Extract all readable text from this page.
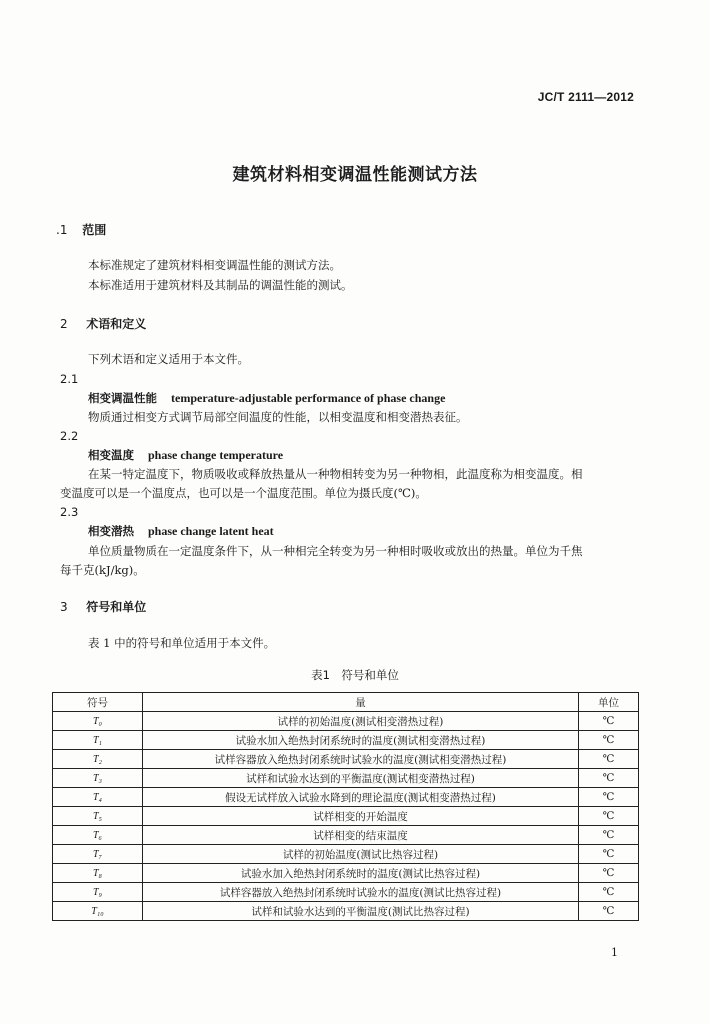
JC/T 2111—2012
建筑材料相变调温性能测试方法
.1 范围
本标准规定了建筑材料相变调温性能的测试方法。
本标准适用于建筑材料及其制品的调温性能的测试。
2 术语和定义
下列术语和定义适用于本文件。
2.1
相变调温性能 temperature-adjustable performance of phase change
物质通过相变方式调节局部空间温度的性能，以相变温度和相变潜热表征。
2.2
相变温度 phase change temperature
在某一特定温度下，物质吸收或释放热量从一种物相转变为另一种物相，此温度称为相变温度。相
变温度可以是一个温度点，也可以是一个温度范围。单位为摄氏度(℃)。
2.3
相变潜热 phase change latent heat
单位质量物质在一定温度条件下，从一种相完全转变为另一种相时吸收或放出的热量。单位为千焦
每千克(kJ/kg)。
3 符号和单位
表 1 中的符号和单位适用于本文件。
表1　符号和单位
符号	量	单位
T₀	试样的初始温度(测试相变潜热过程)	℃
T₁	试验水加入绝热封闭系统时的温度(测试相变潜热过程)	℃
T₂	试样容器放入绝热封闭系统时试验水的温度(测试相变潜热过程)	℃
T₃	试样和试验水达到的平衡温度(测试相变潜热过程)	℃
T₄	假设无试样放入试验水降到的理论温度(测试相变潜热过程)	℃
T₅	试样相变的开始温度	℃
T₆	试样相变的结束温度	℃
T₇	试样的初始温度(测试比热容过程)	℃
T₈	试验水加入绝热封闭系统时的温度(测试比热容过程)	℃
T₉	试样容器放入绝热封闭系统时试验水的温度(测试比热容过程)	℃
T₁₀	试样和试验水达到的平衡温度(测试比热容过程)	℃
1
